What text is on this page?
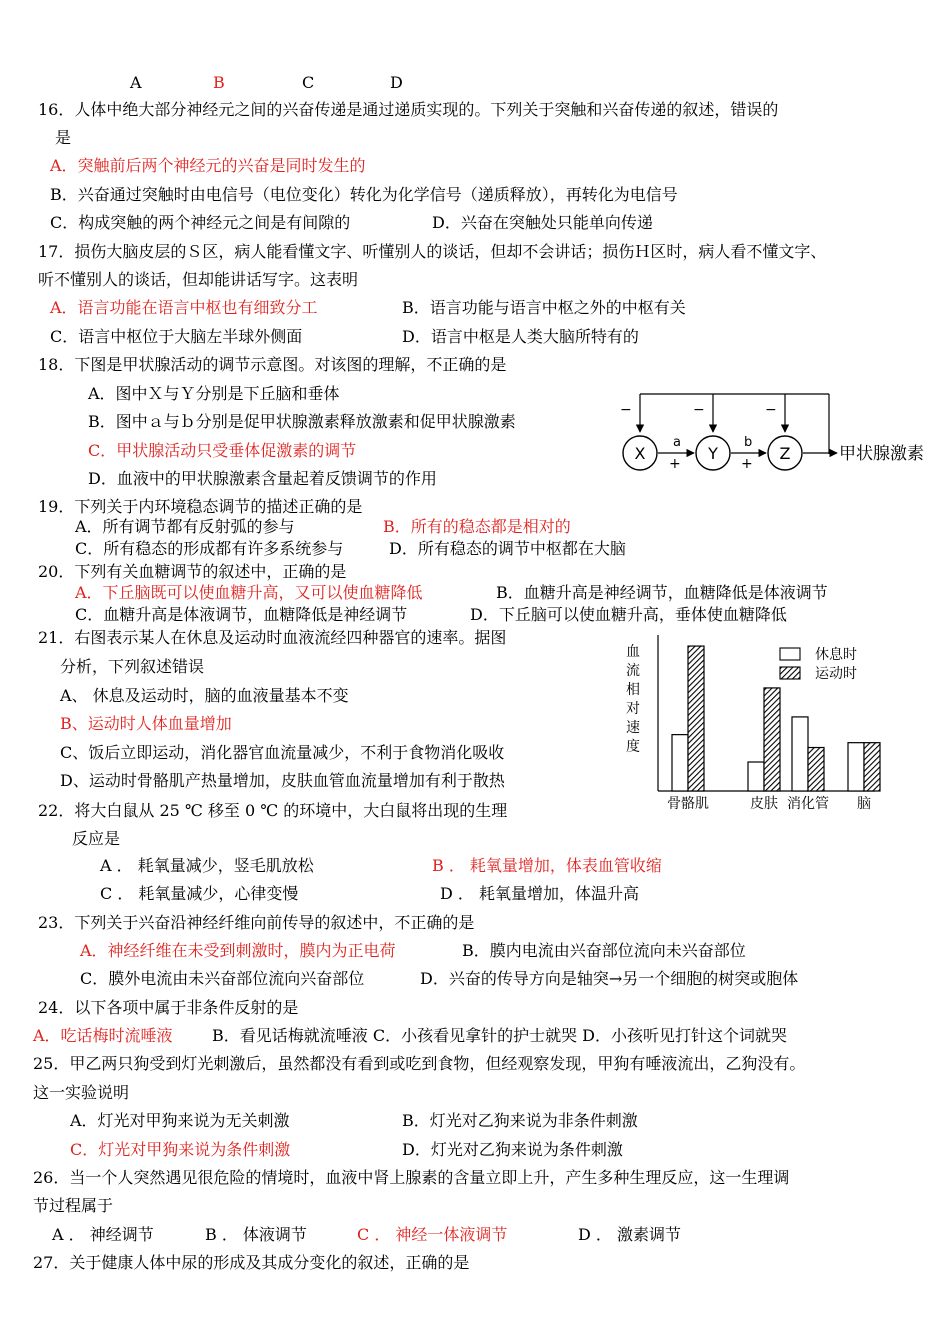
A	B	C	D
16．人体中绝大部分神经元之间的兴奋传递是通过递质实现的。下列关于突触和兴奋传递的叙述，错误的
是
A．突触前后两个神经元的兴奋是同时发生的
B．兴奋通过突触时由电信号（电位变化）转化为化学信号（递质释放），再转化为电信号
C．构成突触的两个神经元之间是有间隙的	D．兴奋在突触处只能单向传递
17．损伤大脑皮层的Ｓ区，病人能看懂文字、听懂别人的谈话，但却不会讲话；损伤Ｈ区时，病人看不懂文字、
听不懂别人的谈话，但却能讲话写字。这表明
A．语言功能在语言中枢也有细致分工	B．语言功能与语言中枢之外的中枢有关
C．语言中枢位于大脑左半球外侧面	D．语言中枢是人类大脑所特有的
18．下图是甲状腺活动的调节示意图。对该图的理解，不正确的是
A．图中Ｘ与Ｙ分别是下丘脑和垂体
B．图中ａ与ｂ分别是促甲状腺激素释放激素和促甲状腺激素
C．甲状腺活动只受垂体促激素的调节
D．血液中的甲状腺激素含量起着反馈调节的作用
−	−	−
X	Y	Z
a
+
b
+	甲状腺激素
19．下列关于内环境稳态调节的描述正确的是
A．所有调节都有反射弧的参与	B．所有的稳态都是相对的
C．所有稳态的形成都有许多系统参与	D．所有稳态的调节中枢都在大脑
20．下列有关血糖调节的叙述中，正确的是
A．下丘脑既可以使血糖升高，又可以使血糖降低	B．血糖升高是神经调节，血糖降低是体液调节
C．血糖升高是体液调节，血糖降低是神经调节	D．下丘脑可以使血糖升高，垂体使血糖降低
21．右图表示某人在休息及运动时血液流经四种器官的速率。据图
分析，下列叙述错误
A、 休息及运动时，脑的血液量基本不变
B、运动时人体血量增加
C、饭后立即运动，消化器官血流量减少，不利于食物消化吸收
D、运动时骨骼肌产热量增加，皮肤血管血流量增加有利于散热
血
流
相
对
速
度
骨骼肌	皮肤 消化管 脑
休息时
运动时
22．将大白鼠从 25 ℃ 移至 0 ℃ 的环境中，大白鼠将出现的生理
反应是
A ． 耗氧量减少，竖毛肌放松	B ． 耗氧量增加，体表血管收缩
C ． 耗氧量减少，心律变慢	D ． 耗氧量增加，体温升高
23．下列关于兴奋沿神经纤维向前传导的叙述中，不正确的是
A．神经纤维在未受到刺激时，膜内为正电荷	B．膜内电流由兴奋部位流向未兴奋部位
C．膜外电流由未兴奋部位流向兴奋部位	D．兴奋的传导方向是轴突→另一个细胞的树突或胞体
24．以下各项中属于非条件反射的是
A．吃话梅时流唾液 B．看见话梅就流唾液 C．小孩看见拿针的护士就哭 D．小孩听见打针这个词就哭
25．甲乙两只狗受到灯光刺激后，虽然都没有看到或吃到食物，但经观察发现，甲狗有唾液流出，乙狗没有。
这一实验说明
A．灯光对甲狗来说为无关刺激	B．灯光对乙狗来说为非条件刺激
C．灯光对甲狗来说为条件刺激	D．灯光对乙狗来说为条件刺激
26．当一个人突然遇见很危险的情境时，血液中肾上腺素的含量立即上升，产生多种生理反应，这一生理调
节过程属于
A ． 神经调节	B ． 体液调节	C ． 神经一体液调节	D ． 激素调节
27．关于健康人体中尿的形成及其成分变化的叙述，正确的是
